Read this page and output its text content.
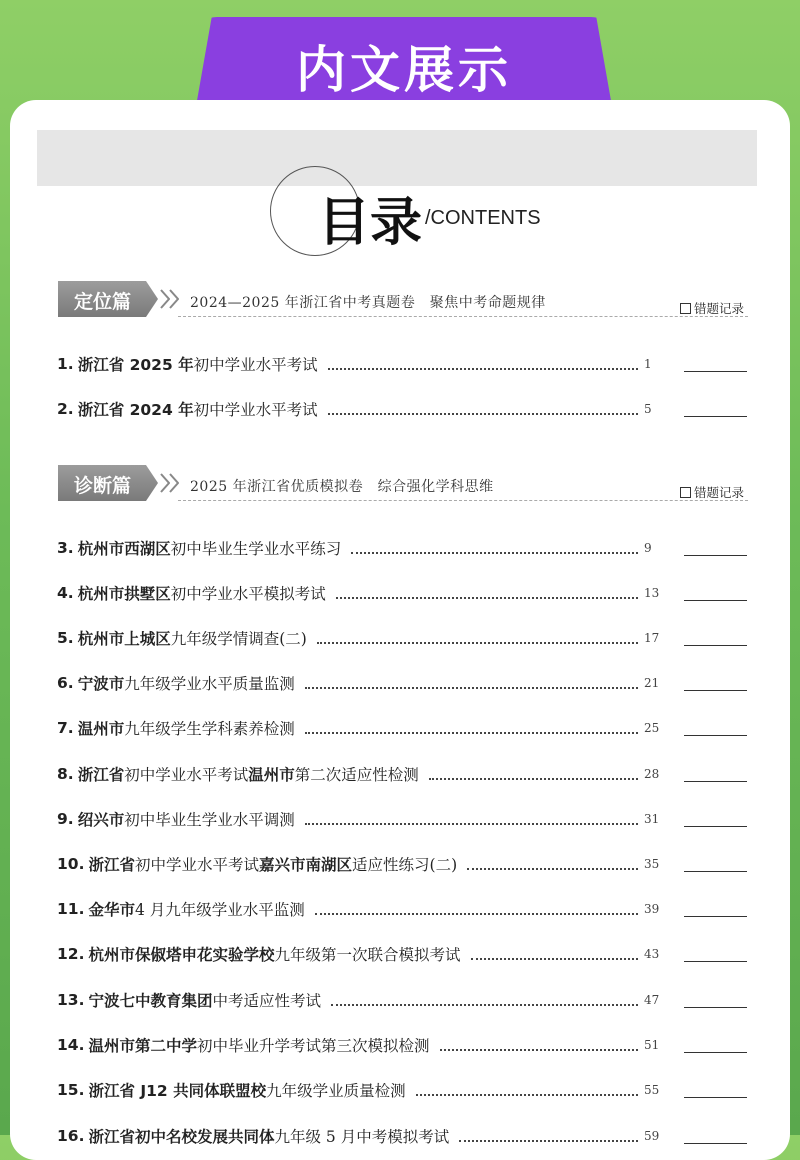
内文展示
目录 /CONTENTS
定位篇	2024—2025 年浙江省中考真题卷　聚焦中考命题规律	错题记录
诊断篇	2025 年浙江省优质模拟卷　综合强化学科思维	错题记录
1. 浙江省 2025 年 初中学业水平考试	1
2. 浙江省 2024 年 初中学业水平考试	5
3. 杭州市西湖区 初中毕业生学业水平练习	9
4. 杭州市拱墅区 初中学业水平模拟考试	13
5. 杭州市上城区 九年级学情调查(二)	17
6. 宁波市 九年级学业水平质量监测	21
7. 温州市 九年级学生学科素养检测	25
8. 浙江省 初中学业水平考试 温州市 第二次适应性检测	28
9. 绍兴市 初中毕业生学业水平调测	31
10. 浙江省 初中学业水平考试 嘉兴市南湖区 适应性练习(二)	35
11. 金华市 4 月九年级学业水平监测	39
12. 杭州市保俶塔申花实验学校 九年级第一次联合模拟考试	43
13. 宁波七中教育集团 中考适应性考试	47
14. 温州市第二中学 初中毕业升学考试第三次模拟检测	51
15. 浙江省 J12 共同体联盟校 九年级学业质量检测	55
16. 浙江省初中名校发展共同体 九年级 5 月中考模拟考试	59
